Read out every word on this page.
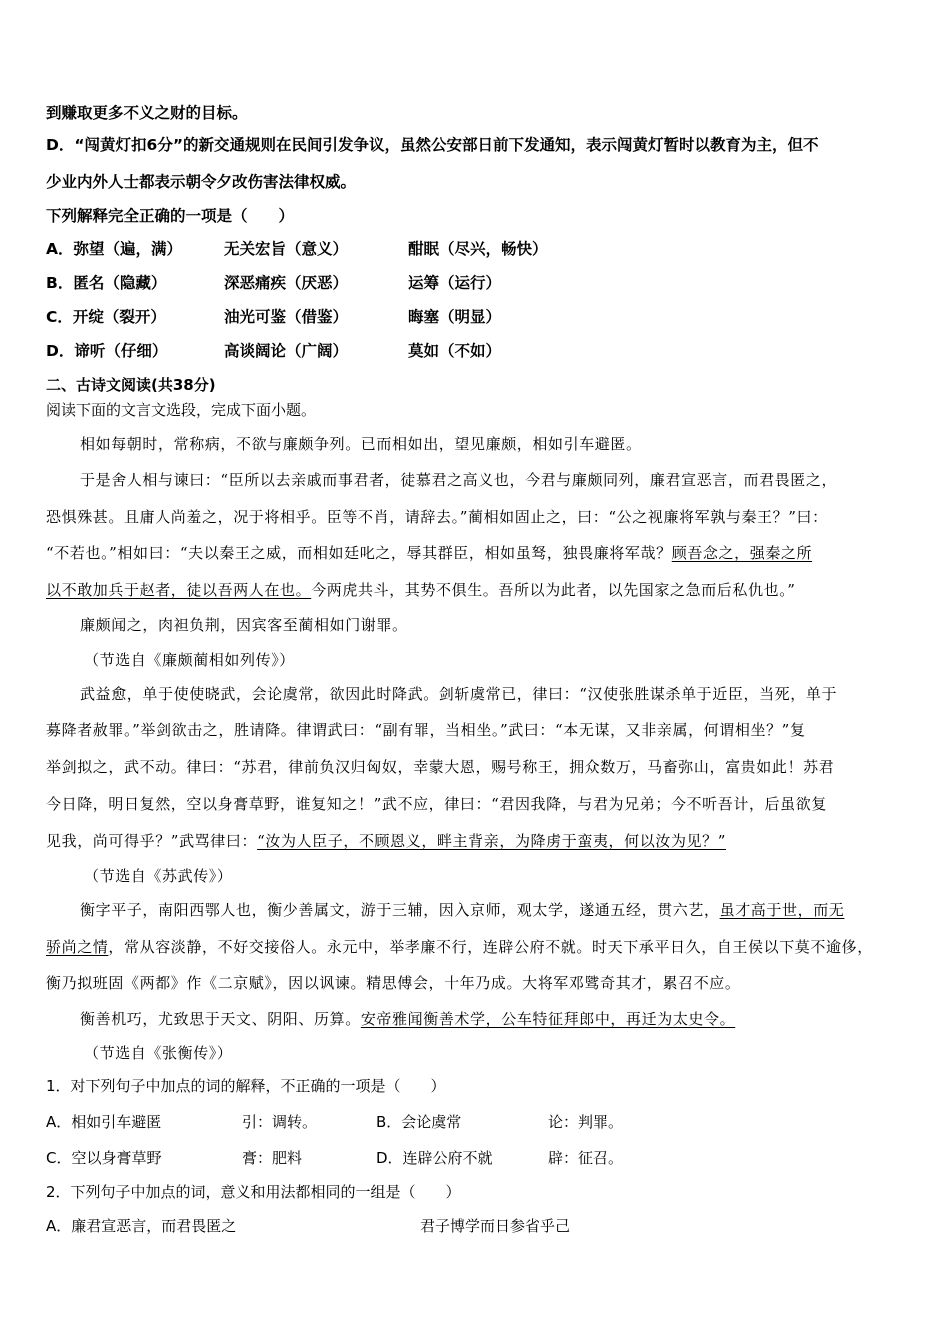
到赚取更多不义之财的目标。
D．“闯黄灯扣6分”的新交通规则在民间引发争议，虽然公安部日前下发通知，表示闯黄灯暂时以教育为主，但不
少业内外人士都表示朝令夕改伤害法律权威。
下列解释完全正确的一项是（　　）
A．弥望（遍，满）	无关宏旨（意义）	酣眠（尽兴，畅快）
B．匿名（隐藏）	深恶痛疾（厌恶）	运筹（运行）
C．开绽（裂开）	油光可鉴（借鉴）	晦塞（明显）
D．谛听（仔细）	高谈阔论（广阔）	莫如（不如）
二、古诗文阅读(共38分)
阅读下面的文言文选段，完成下面小题。
相如每朝时，常称病，不欲与廉颇争列。已而相如出，望见廉颇，相如引车避匿。
于是舍人相与谏曰：“臣所以去亲戚而事君者，徒慕君之高义也，今君与廉颇同列，廉君宣恶言，而君畏匿之，
恐惧殊甚。且庸人尚羞之，况于将相乎。臣等不肖，请辞去。”蔺相如固止之，曰：“公之视廉将军孰与秦王？”曰：
“不若也。”相如曰：“夫以秦王之威，而相如廷叱之，辱其群臣，相如虽驽，独畏廉将军哉？顾吾念之，强秦之所
以不敢加兵于赵者，徒以吾两人在也。今两虎共斗，其势不俱生。吾所以为此者，以先国家之急而后私仇也。”
廉颇闻之，肉袒负荆，因宾客至蔺相如门谢罪。
（节选自《廉颇蔺相如列传》）
武益愈，单于使使晓武，会论虞常，欲因此时降武。剑斩虞常已，律曰：“汉使张胜谋杀单于近臣，当死，单于
募降者赦罪。”举剑欲击之，胜请降。律谓武曰：“副有罪，当相坐。”武曰：“本无谋，又非亲属，何谓相坐？”复
举剑拟之，武不动。律曰：“苏君，律前负汉归匈奴，幸蒙大恩，赐号称王，拥众数万，马畜弥山，富贵如此！苏君
今日降，明日复然，空以身膏草野，谁复知之！”武不应，律曰：“君因我降，与君为兄弟；今不听吾计，后虽欲复
见我，尚可得乎？”武骂律曰：“汝为人臣子，不顾恩义，畔主背亲，为降虏于蛮夷，何以汝为见？”
（节选自《苏武传》）
衡字平子，南阳西鄂人也，衡少善属文，游于三辅，因入京师，观太学，遂通五经，贯六艺，虽才高于世，而无
骄尚之情，常从容淡静，不好交接俗人。永元中，举孝廉不行，连辟公府不就。时天下承平日久，自王侯以下莫不逾侈，
衡乃拟班固《两都》作《二京赋》，因以讽谏。精思傅会，十年乃成。大将军邓骘奇其才，累召不应。
衡善机巧，尤致思于天文、阴阳、历算。安帝雅闻衡善术学，公车特征拜郎中，再迁为太史令。
（节选自《张衡传》）
1．对下列句子中加点的词的解释，不正确的一项是（　　）
A．相如引车避匿	引：调转。	B．会论虞常	论：判罪。
C．空以身膏草野	膏：肥料	D．连辟公府不就	辟：征召。
2．下列句子中加点的词，意义和用法都相同的一组是（　　）
A．廉君宣恶言，而君畏匿之	君子博学而日参省乎己
